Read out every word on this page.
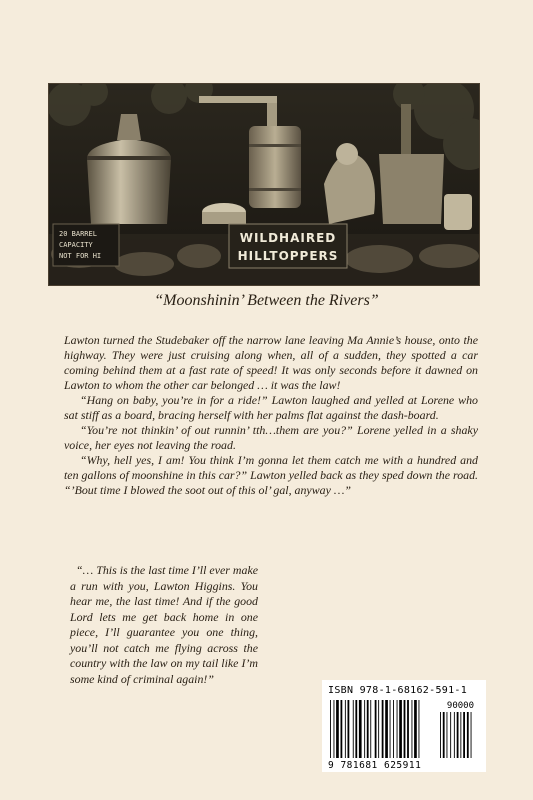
20 BARREL
CAPACITY
NOT FOR HI
WILDHAIRED
HILLTOPPERS
“Moonshinin’ Between the Rivers”

Lawton turned the Studebaker off the narrow lane leaving Ma Annie’s house, onto the highway. They were just cruising along when, all of a sudden, they spotted a car coming behind them at a fast rate of speed! It was only seconds before it dawned on Lawton to whom the other car belonged … it was the law!

“Hang on baby, you’re in for a ride!” Lawton laughed and yelled at Lorene who sat stiff as a board, bracing herself with her palms flat against the dash-board.

“You’re not thinkin’ of out runnin’ tth…them are you?” Lorene yelled in a shaky voice, her eyes not leaving the road.

“Why, hell yes, I am! You think I’m gonna let them catch me with a hundred and ten gallons of moonshine in this car?” Lawton yelled back as they sped down the road. “’Bout time I blowed the soot out of this ol’ gal, anyway …”

“… This is the last time I’ll ever make a run with you, Lawton Higgins. You hear me, the last time! And if the good Lord lets me get back home in one piece, I’ll guarantee you one thing, you’ll not catch me flying across the country with the law on my tail like I’m some kind of criminal again!”

ISBN 978-1-68162-591-1
90000
9 781681 625911
